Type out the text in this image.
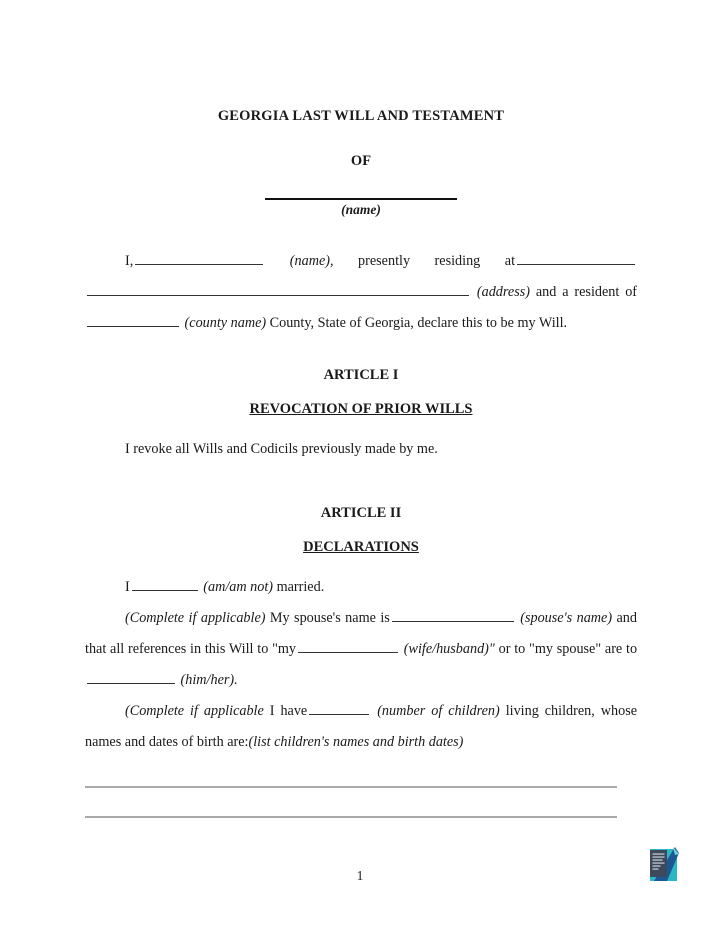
GEORGIA LAST WILL AND TESTAMENT
OF
(name)

I,	(name), presently residing at (address) and a resident of (county name) County, State of Georgia, declare this to be my Will.

ARTICLE I
REVOCATION OF PRIOR WILLS

I revoke all Wills and Codicils previously made by me.

ARTICLE II
DECLARATIONS

I	(am/am not) married.

(Complete if applicable) My spouse's name is	(spouse's name) and that all references in this Will to "my	(wife/husband)" or to "my spouse" are to (him/her).

(Complete if applicable I have	(number of children) living children, whose names and dates of birth are:(list children's names and birth dates)

1
